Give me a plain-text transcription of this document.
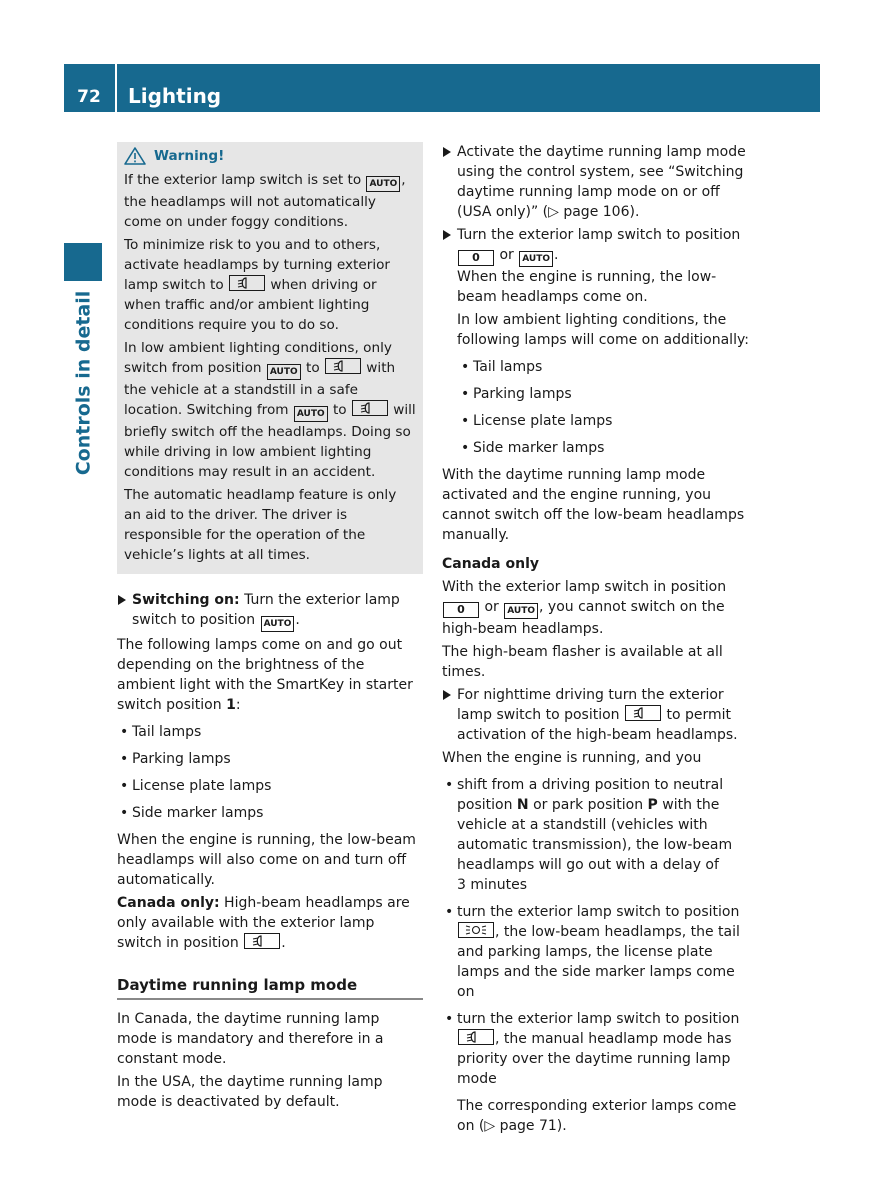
72	Lighting
Controls in detail
Warning!

If the exterior lamp switch is set to AUTO , the headlamps will not automatically come on under foggy conditions.

To minimize risk to you and to others, activate headlamps by turning exterior lamp switch to	when driving or when traffic and/or ambient lighting conditions require you to do so.

In low ambient lighting conditions, only switch from position AUTO to	with the vehicle at a standstill in a safe location. Switching from AUTO to	will briefly switch off the headlamps. Doing so while driving in low ambient lighting conditions may result in an accident.

The automatic headlamp feature is only an aid to the driver. The driver is responsible for the operation of the vehicle’s lights at all times.

Switching on: Turn the exterior lamp switch to position AUTO .

The following lamps come on and go out depending on the brightness of the ambient light with the SmartKey in starter switch position 1:

• Tail lamps
• Parking lamps
• License plate lamps
• Side marker lamps

When the engine is running, the low-beam headlamps will also come on and turn off automatically.

Canada only: High-beam headlamps are only available with the exterior lamp switch in position	.

Daytime running lamp mode

In Canada, the daytime running lamp mode is mandatory and therefore in a constant mode.

In the USA, the daytime running lamp mode is deactivated by default.

Activate the daytime running lamp mode using the control system, see “Switching daytime running lamp mode on or off (USA only)” (▷ page 106).
Turn the exterior lamp switch to position 0 or AUTO .
When the engine is running, the low-beam headlamps come on.
In low ambient lighting conditions, the following lamps will come on additionally:
• Tail lamps
• Parking lamps
• License plate lamps
• Side marker lamps

With the daytime running lamp mode activated and the engine running, you cannot switch off the low-beam headlamps manually.

Canada only

With the exterior lamp switch in position 0 or AUTO , you cannot switch on the high-beam headlamps.

The high-beam flasher is available at all times.

For nighttime driving turn the exterior lamp switch to position	to permit activation of the high-beam headlamps.

When the engine is running, and you

• shift from a driving position to neutral position N or park position P with the vehicle at a standstill (vehicles with automatic transmission), the low-beam headlamps will go out with a delay of
3 minutes
• turn the exterior lamp switch to position
, the low-beam headlamps, the tail and parking lamps, the license plate lamps and the side marker lamps come on
• turn the exterior lamp switch to position
, the manual headlamp mode has priority over the daytime running lamp mode

The corresponding exterior lamps come on (▷ page 71).
